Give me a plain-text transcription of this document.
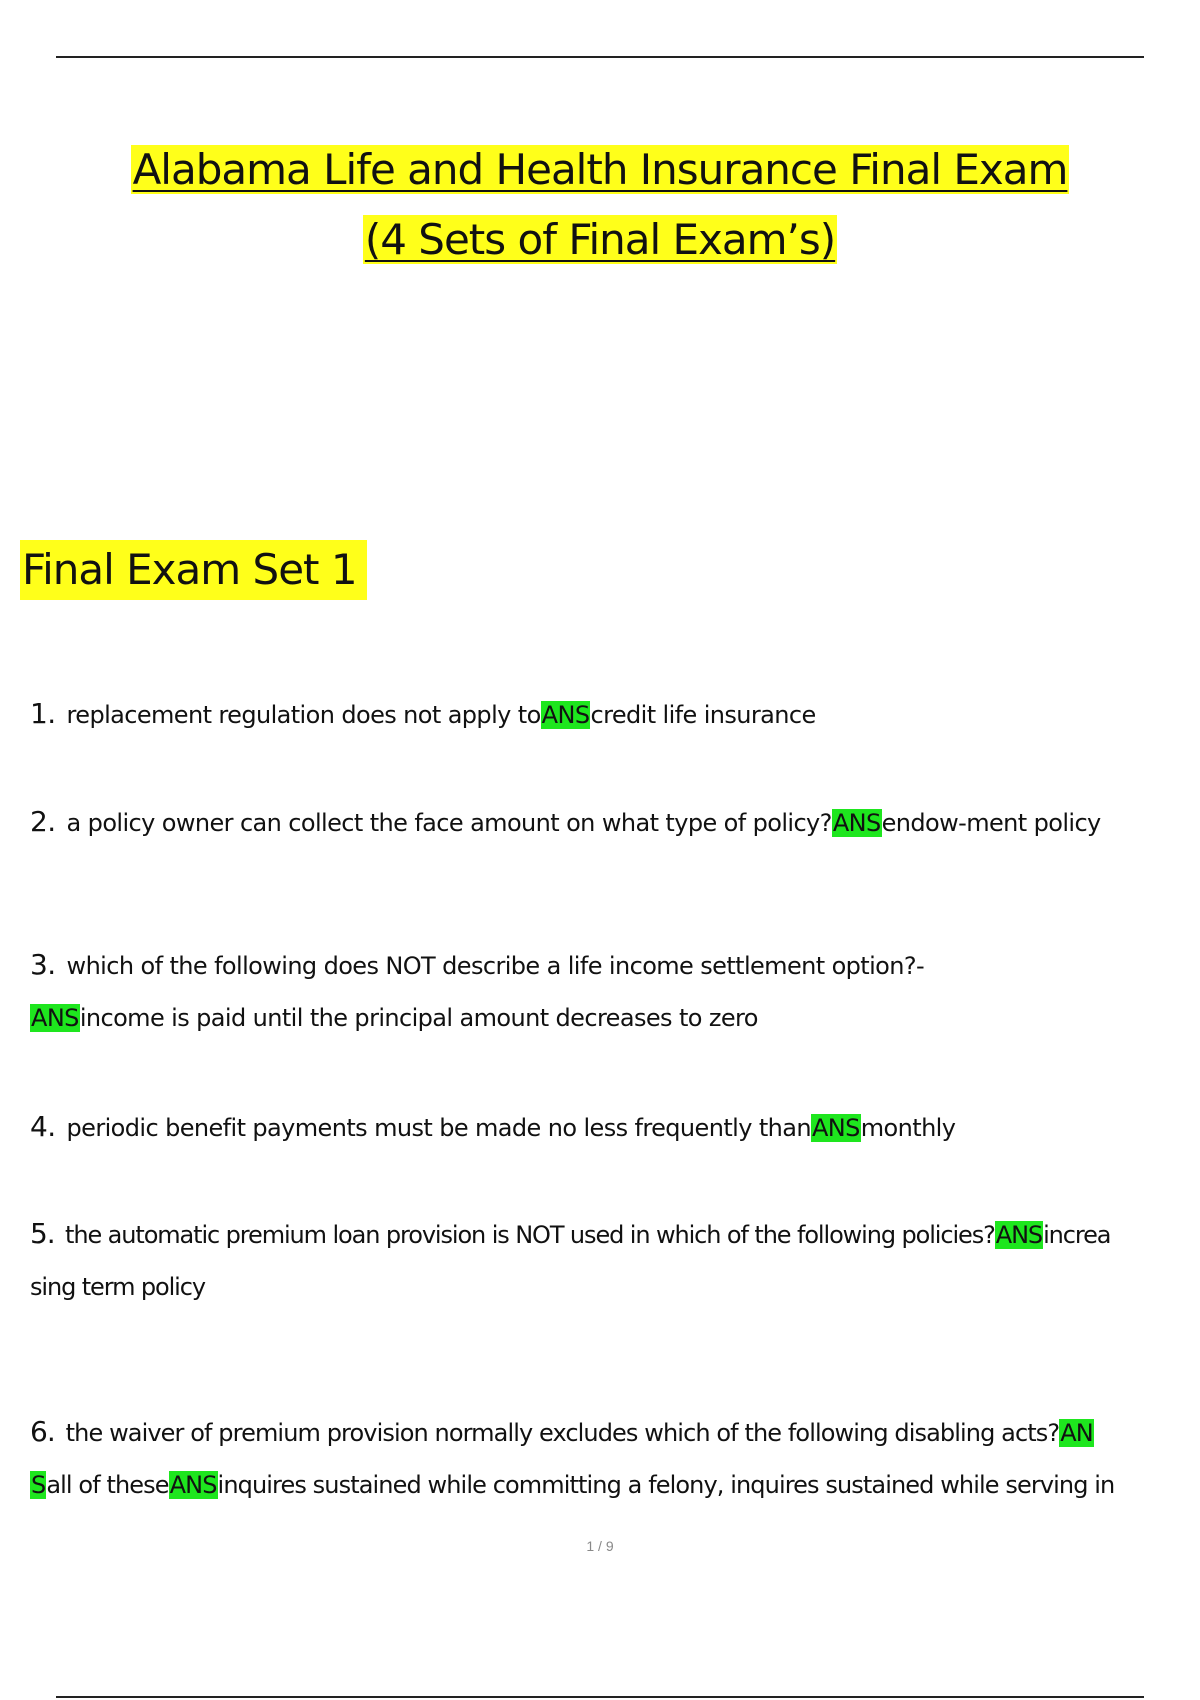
Alabama Life and Health Insurance Final Exam
(4 Sets of Final Exam’s)
Final Exam Set 1
1. replacement regulation does not apply toANScredit life insurance
2. a policy owner can collect the face amount on what type of policy?ANSendow-ment policy
3. which of the following does NOT describe a life income settlement option?-
ANSincome is paid until the principal amount decreases to zero
4. periodic benefit payments must be made no less frequently thanANSmonthly
5. the automatic premium loan provision is NOT used in which of the following policies?ANSincrea
sing term policy
6. the waiver of premium provision normally excludes which of the following disabling acts?AN
Sall of theseANSinquires sustained while committing a felony, inquires sustained while serving in
1 / 9
